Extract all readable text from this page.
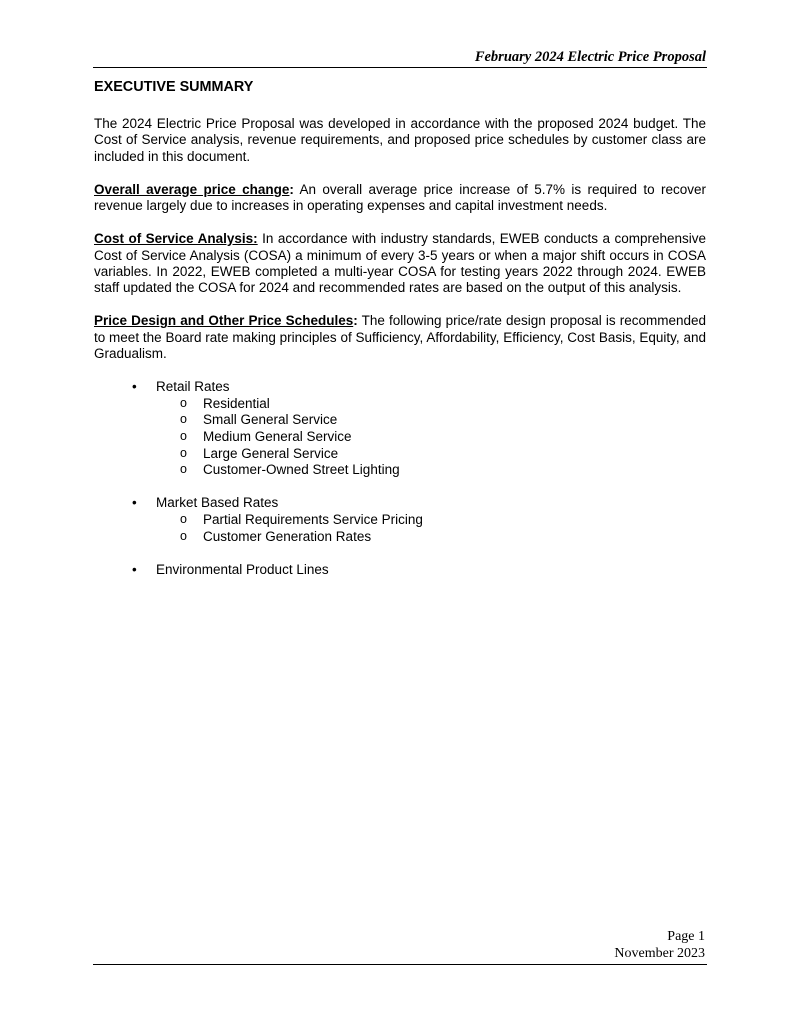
February 2024 Electric Price Proposal
EXECUTIVE SUMMARY

The 2024 Electric Price Proposal was developed in accordance with the proposed 2024 budget. The Cost of Service analysis, revenue requirements, and proposed price schedules by customer class are included in this document.

Overall average price change: An overall average price increase of 5.7% is required to recover revenue largely due to increases in operating expenses and capital investment needs.

Cost of Service Analysis: In accordance with industry standards, EWEB conducts a comprehensive Cost of Service Analysis (COSA) a minimum of every 3-5 years or when a major shift occurs in COSA variables. In 2022, EWEB completed a multi-year COSA for testing years 2022 through 2024. EWEB staff updated the COSA for 2024 and recommended rates are based on the output of this analysis.

Price Design and Other Price Schedules: The following price/rate design proposal is recommended to meet the Board rate making principles of Sufficiency, Affordability, Efficiency, Cost Basis, Equity, and Gradualism.

• Retail Rates
o Residential
o Small General Service
o Medium General Service
o Large General Service
o Customer-Owned Street Lighting
• Market Based Rates
o Partial Requirements Service Pricing
o Customer Generation Rates
• Environmental Product Lines
Page 1
November 2023
